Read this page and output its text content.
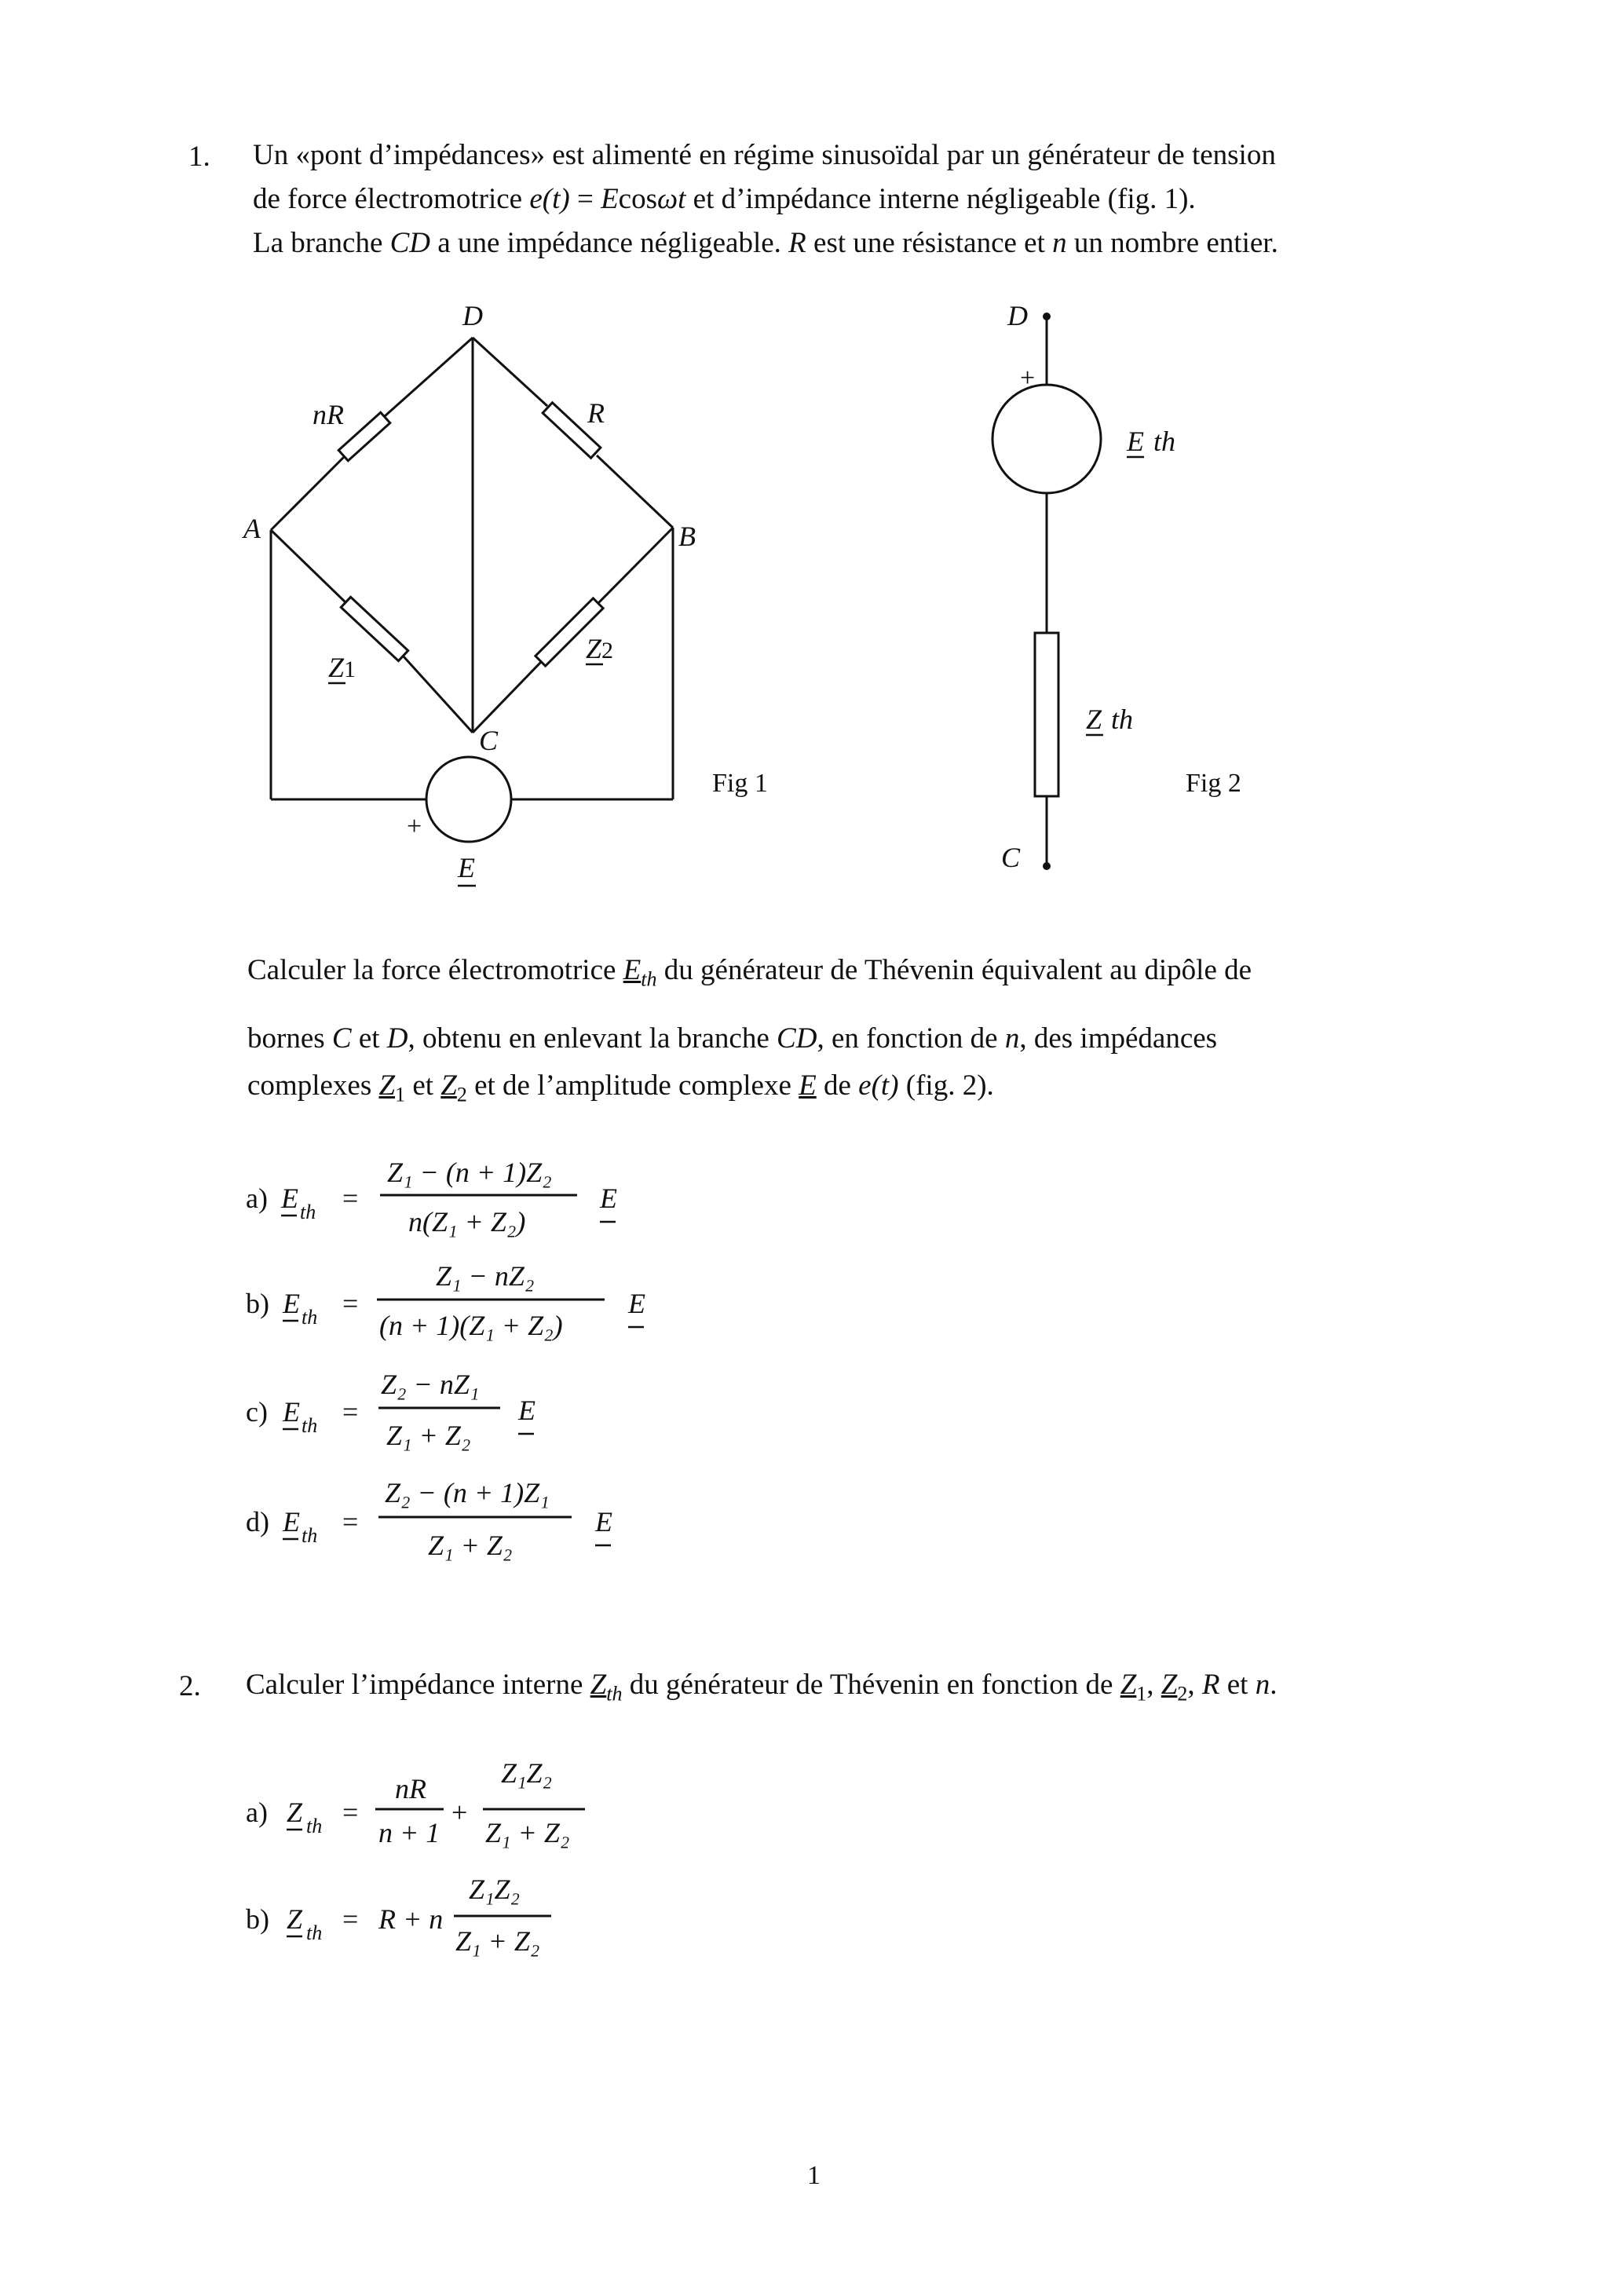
1. Un «pont d’impédances» est alimenté en régime sinusoïdal par un générateur de tension
de force électromotrice e(t) = Ecosωt et d’impédance interne négligeable (fig. 1).
La branche CD a une impédance négligeable. R est une résistance et n un nombre entier.
D
A	B
C
nR	R
Z1
Z2
+
E
Fig 1
D
C
+
E th
Z th
Fig 2
Calculer la force électromotrice $E_{th}$ du générateur de Thévenin équivalent au dipôle de
bornes C et D, obtenu en enlevant la branche CD, en fonction de n, des impédances
complexes $Z_1$ et $Z_2$ et de l’amplitude complexe E de e(t) (fig. 2).
a) E th =
Z₁ − (n + 1)Z₂
n(Z₁ + Z₂)
E
b) E th =
Z₁ − nZ₂
(n + 1)(Z₁ + Z₂)
E
c) E th =
Z₂ − nZ₁
Z₁ + Z₂
E
d) E th =
Z₂ − (n + 1)Z₁
Z₁ + Z₂
E
a) Z th =
nR
n + 1
+
Z₁Z₂
Z₁ + Z₂
b) Z th = R + n
Z₁Z₂
Z₁ + Z₂
2. Calculer l’impédance interne $Z_{th}$ du générateur de Thévenin en fonction de $Z_1$, $Z_2$, R et n.
1
